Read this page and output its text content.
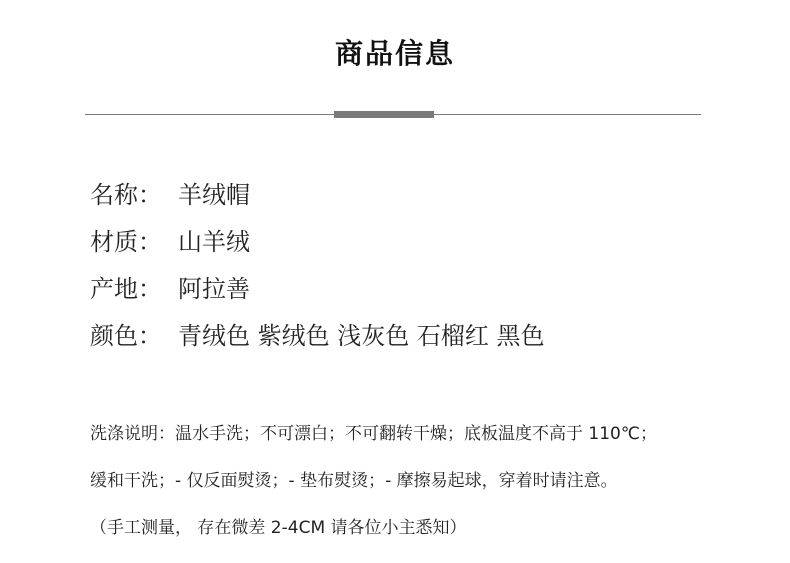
商品信息
名称： 羊绒帽
材质： 山羊绒
产地： 阿拉善
颜色： 青绒色 紫绒色 浅灰色 石榴红 黑色
洗涤说明：温水手洗；不可漂白；不可翻转干燥；底板温度不高于 110℃；
缓和干洗；- 仅反面熨烫；- 垫布熨烫；- 摩擦易起球，穿着时请注意。
（手工测量， 存在微差 2-4CM 请各位小主悉知）
